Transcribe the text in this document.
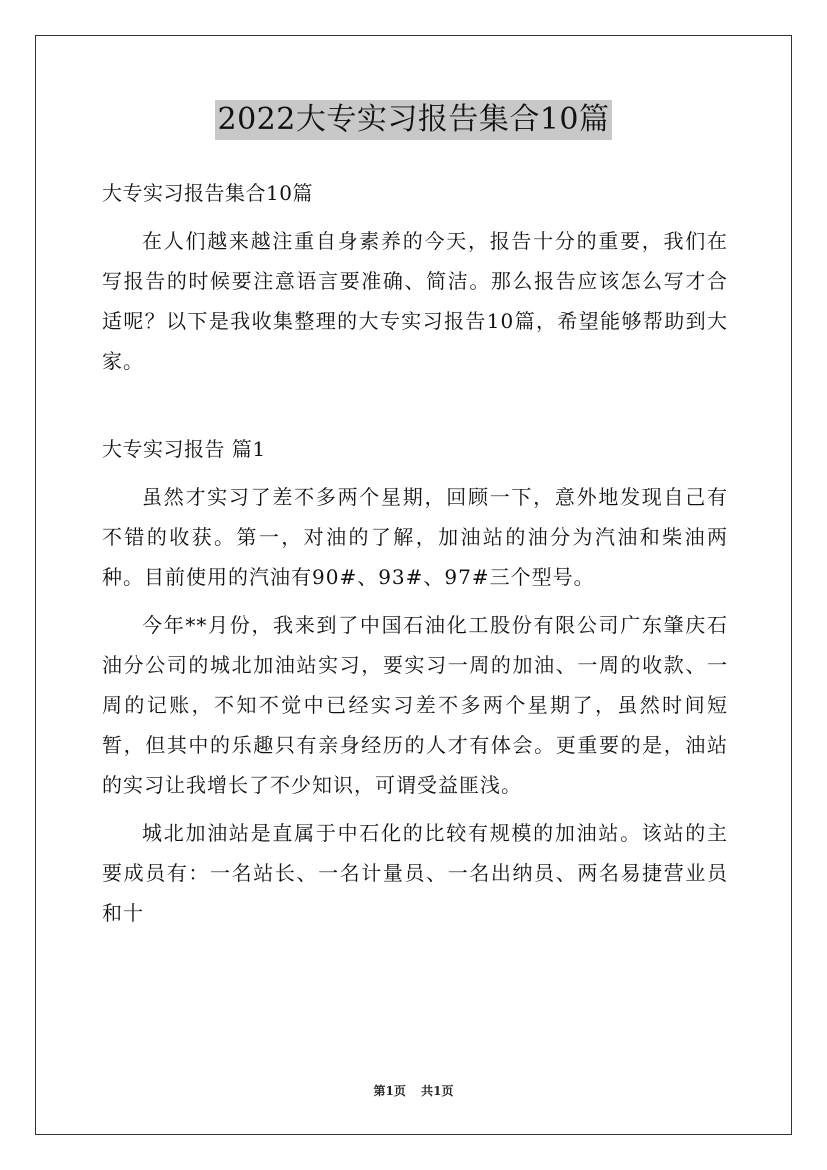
2022大专实习报告集合10篇

大专实习报告集合10篇

在人们越来越注重自身素养的今天，报告十分的重要，我们在写报告的时候要注意语言要准确、简洁。那么报告应该怎么写才合适呢？以下是我收集整理的大专实习报告10篇，希望能够帮助到大家。

大专实习报告 篇1

虽然才实习了差不多两个星期，回顾一下，意外地发现自己有不错的收获。第一，对油的了解，加油站的油分为汽油和柴油两种。目前使用的汽油有90#、93#、97#三个型号。

今年**月份，我来到了中国石油化工股份有限公司广东肇庆石油分公司的城北加油站实习，要实习一周的加油、一周的收款、一周的记账，不知不觉中已经实习差不多两个星期了，虽然时间短暂，但其中的乐趣只有亲身经历的人才有体会。更重要的是，油站的实习让我增长了不少知识，可谓受益匪浅。

城北加油站是直属于中石化的比较有规模的加油站。该站的主要成员有：一名站长、一名计量员、一名出纳员、两名易捷营业员和十

第1页 共1页
